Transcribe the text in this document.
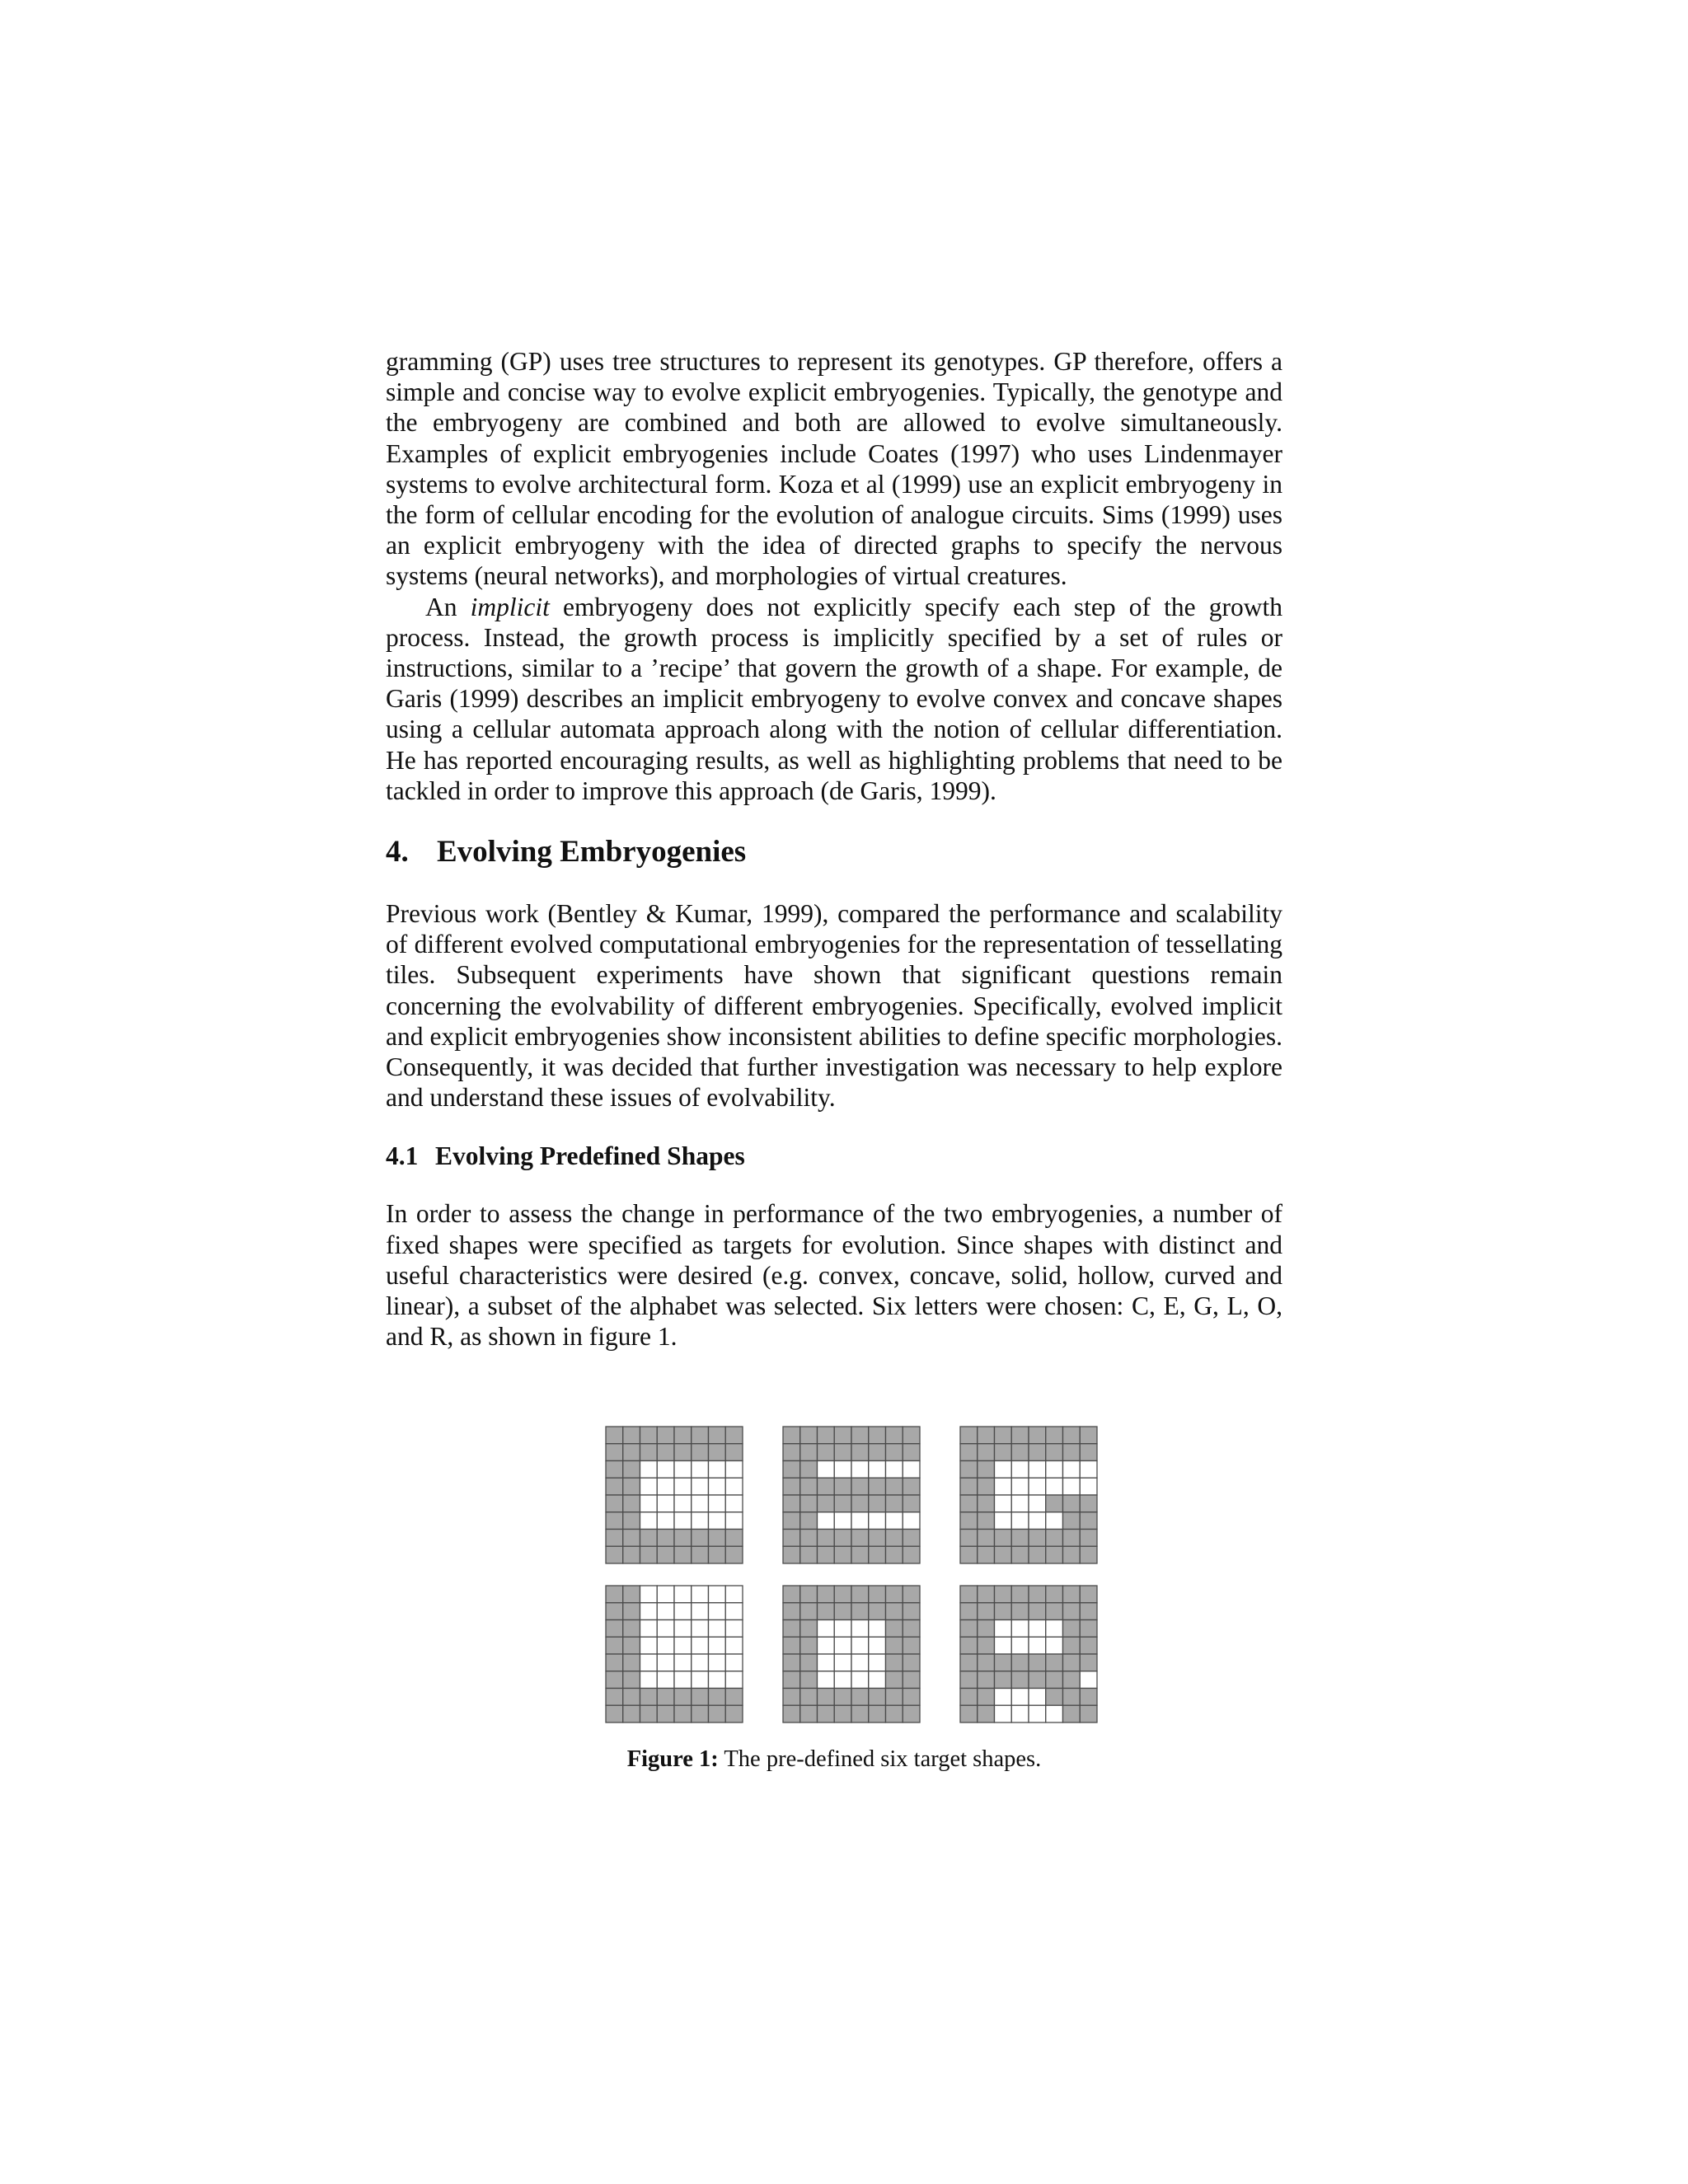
gramming (GP) uses tree structures to represent its genotypes. GP therefore, offers a simple and concise way to evolve explicit embryogenies. Typically, the genotype and the embryogeny are combined and both are allowed to evolve simultaneously. Examples of explicit embryogenies include Coates (1997) who uses Lindenmayer systems to evolve architectural form. Koza et al (1999) use an explicit embryogeny in the form of cellular encoding for the evolution of analogue circuits. Sims (1999) uses an explicit embryogeny with the idea of directed graphs to specify the nervous systems (neural networks), and morphologies of virtual creatures.

An implicit embryogeny does not explicitly specify each step of the growth process. Instead, the growth process is implicitly specified by a set of rules or instructions, similar to a ’recipe’ that govern the growth of a shape. For example, de Garis (1999) describes an implicit embryogeny to evolve convex and concave shapes using a cellular automata approach along with the notion of cellular differentiation. He has reported encouraging results, as well as highlighting problems that need to be tackled in order to improve this approach (de Garis, 1999).

4. Evolving Embryogenies

Previous work (Bentley & Kumar, 1999), compared the performance and scalability of different evolved computational embryogenies for the representation of tessellating tiles. Subsequent experiments have shown that significant questions remain concerning the evolvability of different embryogenies. Specifically, evolved implicit and explicit embryogenies show inconsistent abilities to define specific morphologies. Consequently, it was decided that further investigation was necessary to help explore and understand these issues of evolvability.

4.1 Evolving Predefined Shapes

In order to assess the change in performance of the two embryogenies, a number of fixed shapes were specified as targets for evolution. Since shapes with distinct and useful characteristics were desired (e.g. convex, concave, solid, hollow, curved and linear), a subset of the alphabet was selected. Six letters were chosen: C, E, G, L, O, and R, as shown in figure 1.

Figure 1: The pre-defined six target shapes.
